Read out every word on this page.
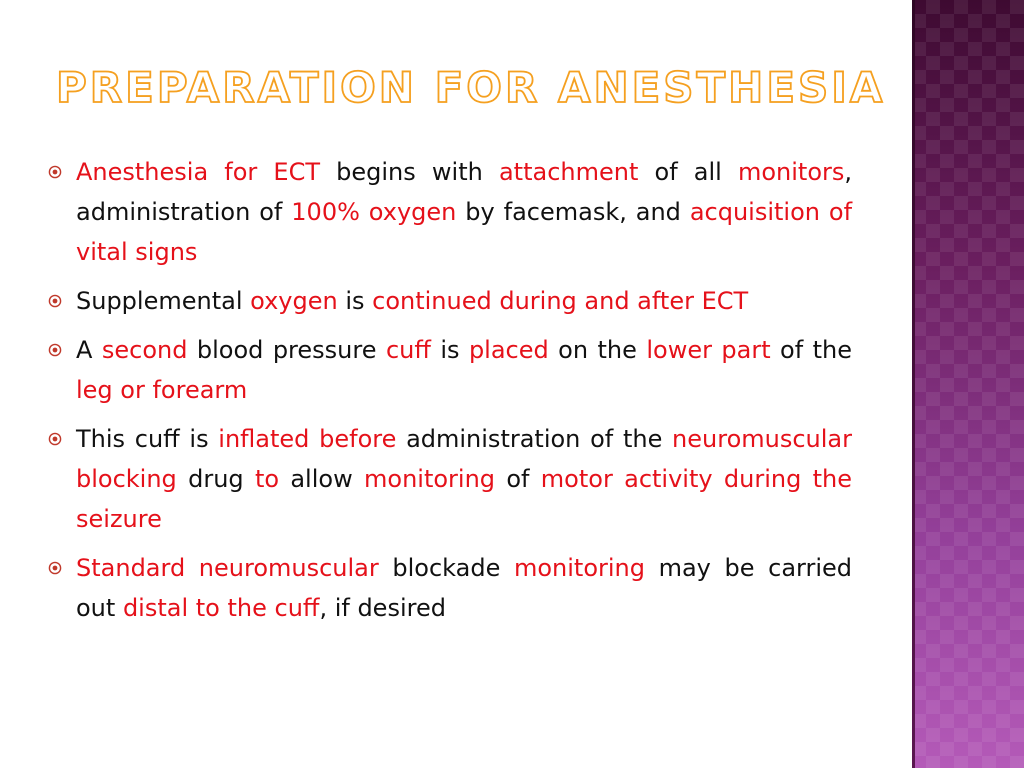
PREPARATION FOR ANESTHESIA
Anesthesia for ECT begins with attachment of all monitors, administration of 100% oxygen by facemask, and acquisition of vital signs
Supplemental oxygen is continued during and after ECT
A second blood pressure cuff is placed on the lower part of the leg or forearm
This cuff is inflated before administration of the neuromuscular blocking drug to allow monitoring of motor activity during the seizure
Standard neuromuscular blockade monitoring may be carried out distal to the cuff, if desired
